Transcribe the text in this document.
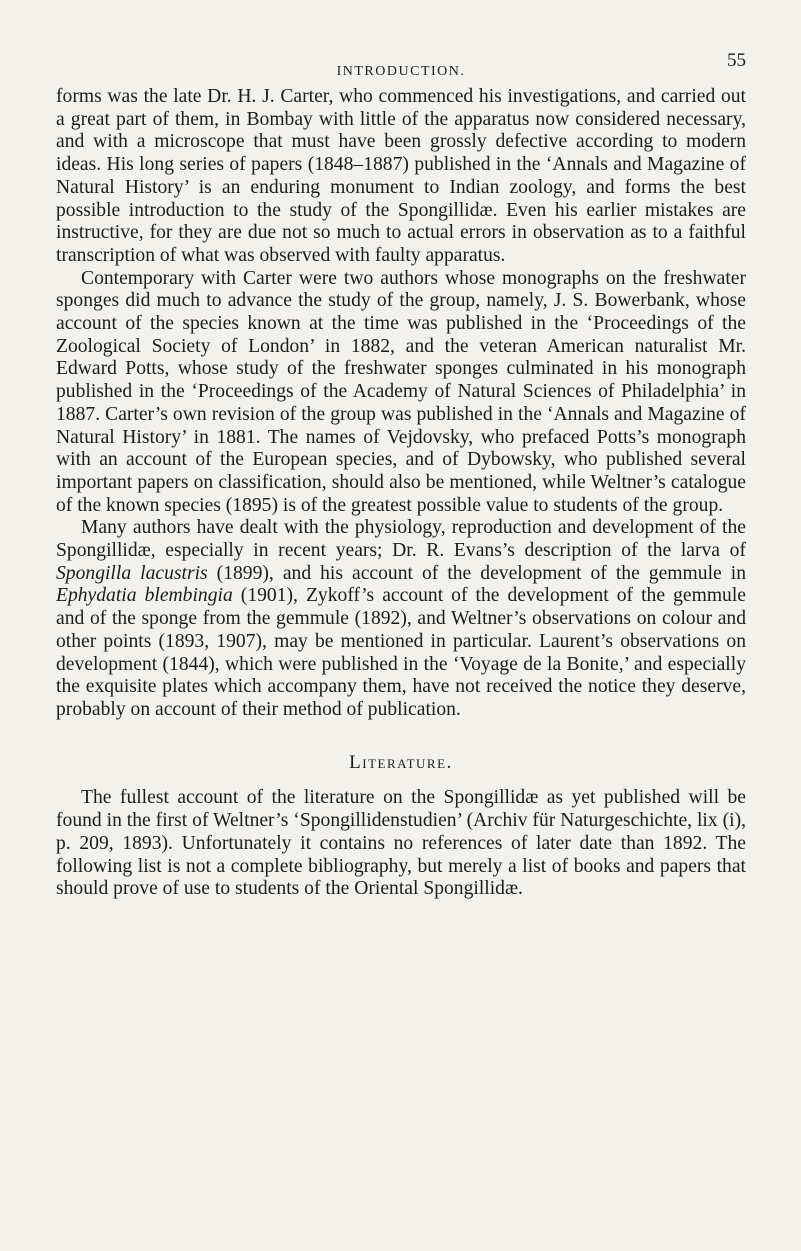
INTRODUCTION.
55

forms was the late Dr. H. J. Carter, who commenced his investigations, and carried out a great part of them, in Bombay with little of the apparatus now considered necessary, and with a microscope that must have been grossly defective according to modern ideas. His long series of papers (1848–1887) published in the ‘Annals and Magazine of Natural History’ is an enduring monument to Indian zoology, and forms the best possible introduction to the study of the Spongillidæ. Even his earlier mistakes are instructive, for they are due not so much to actual errors in observation as to a faithful transcription of what was observed with faulty apparatus.

Contemporary with Carter were two authors whose monographs on the freshwater sponges did much to advance the study of the group, namely, J. S. Bowerbank, whose account of the species known at the time was published in the ‘Proceedings of the Zoological Society of London’ in 1882, and the veteran American naturalist Mr. Edward Potts, whose study of the freshwater sponges culminated in his monograph published in the ‘Proceedings of the Academy of Natural Sciences of Philadelphia’ in 1887. Carter’s own revision of the group was published in the ‘Annals and Magazine of Natural History’ in 1881. The names of Vejdovsky, who prefaced Potts’s monograph with an account of the European species, and of Dybowsky, who published several important papers on classification, should also be mentioned, while Weltner’s catalogue of the known species (1895) is of the greatest possible value to students of the group.

Many authors have dealt with the physiology, reproduction and development of the Spongillidæ, especially in recent years; Dr. R. Evans’s description of the larva of Spongilla lacustris (1899), and his account of the development of the gemmule in Ephydatia blembingia (1901), Zykoff’s account of the development of the gemmule and of the sponge from the gemmule (1892), and Weltner’s observations on colour and other points (1893, 1907), may be mentioned in particular. Laurent’s observations on development (1844), which were published in the ‘Voyage de la Bonite,’ and especially the exquisite plates which accompany them, have not received the notice they deserve, probably on account of their method of publication.

Literature.

The fullest account of the literature on the Spongillidæ as yet published will be found in the first of Weltner’s ‘Spongillidenstudien’ (Archiv für Naturgeschichte, lix (i), p. 209, 1893). Unfortunately it contains no references of later date than 1892. The following list is not a complete bibliography, but merely a list of books and papers that should prove of use to students of the Oriental Spongillidæ.
